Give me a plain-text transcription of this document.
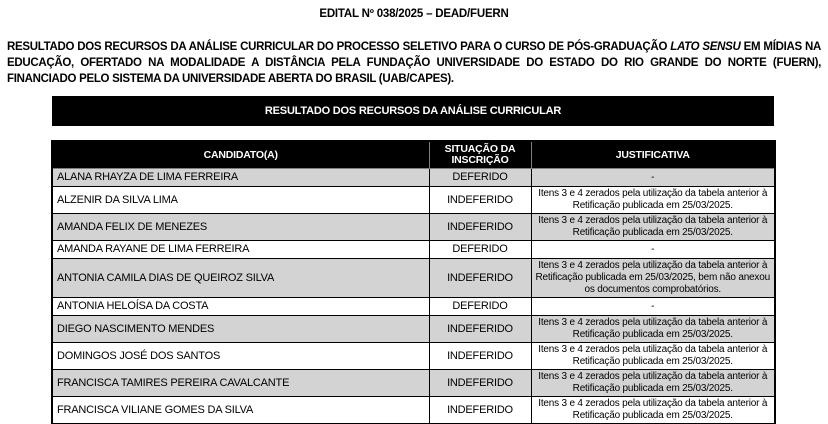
EDITAL Nº 038/2025 – DEAD/FUERN

RESULTADO DOS RECURSOS DA ANÁLISE CURRICULAR DO PROCESSO SELETIVO PARA O CURSO DE PÓS-GRADUAÇÃO LATO SENSU EM MÍDIAS NA EDUCAÇÃO, OFERTADO NA MODALIDADE A DISTÂNCIA PELA FUNDAÇÃO UNIVERSIDADE DO ESTADO DO RIO GRANDE DO NORTE (FUERN), FINANCIADO PELO SISTEMA DA UNIVERSIDADE ABERTA DO BRASIL (UAB/CAPES).

RESULTADO DOS RECURSOS DA ANÁLISE CURRICULAR
CANDIDATO(A)	SITUAÇÃO DA INSCRIÇÃO	JUSTIFICATIVA
ALANA RHAYZA DE LIMA FERREIRA	DEFERIDO	-
ALZENIR DA SILVA LIMA	INDEFERIDO	Itens 3 e 4 zerados pela utilização da tabela anterior à Retificação publicada em 25/03/2025.
AMANDA FELIX DE MENEZES	INDEFERIDO	Itens 3 e 4 zerados pela utilização da tabela anterior à Retificação publicada em 25/03/2025.
AMANDA RAYANE DE LIMA FERREIRA	DEFERIDO	-
ANTONIA CAMILA DIAS DE QUEIROZ SILVA	INDEFERIDO	Itens 3 e 4 zerados pela utilização da tabela anterior à Retificação publicada em 25/03/2025, bem não anexou os documentos comprobatórios.
ANTONIA HELOÍSA DA COSTA	DEFERIDO	-
DIEGO NASCIMENTO MENDES	INDEFERIDO	Itens 3 e 4 zerados pela utilização da tabela anterior à Retificação publicada em 25/03/2025.
DOMINGOS JOSÉ DOS SANTOS	INDEFERIDO	Itens 3 e 4 zerados pela utilização da tabela anterior à Retificação publicada em 25/03/2025.
FRANCISCA TAMIRES PEREIRA CAVALCANTE	INDEFERIDO	Itens 3 e 4 zerados pela utilização da tabela anterior à Retificação publicada em 25/03/2025.
FRANCISCA VILIANE GOMES DA SILVA	INDEFERIDO	Itens 3 e 4 zerados pela utilização da tabela anterior à Retificação publicada em 25/03/2025.
